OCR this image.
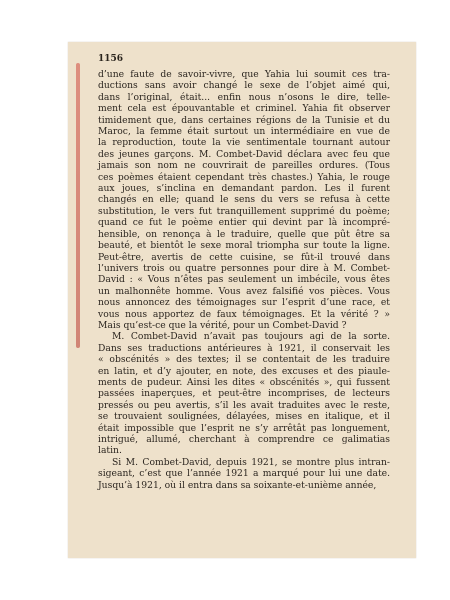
1156
d’une faute de savoir-vivre, que Yahia lui soumit ces tra-
ductions sans avoir changé le sexe de l’objet aimé qui,
dans l’original, était... enfin nous n’osons le dire, telle-
ment cela est épouvantable et criminel. Yahia fit observer
timidement que, dans certaines régions de la Tunisie et du
Maroc, la femme était surtout un intermédiaire en vue de
la reproduction, toute la vie sentimentale tournant autour
des jeunes garçons. M. Combet-David déclara avec feu que
jamais son nom ne couvrirait de pareilles ordures. (Tous
ces poèmes étaient cependant très chastes.) Yahia, le rouge
aux joues, s’inclina en demandant pardon. Les il furent
changés en elle; quand le sens du vers se refusa à cette
substitution, le vers fut tranquillement supprimé du poème;
quand ce fut le poème entier qui devint par là incompré-
hensible, on renonça à le traduire, quelle que pût être sa
beauté, et bientôt le sexe moral triompha sur toute la ligne.
Peut-être, avertis de cette cuisine, se fût-il trouvé dans
l’univers trois ou quatre personnes pour dire à M. Combet-
David : « Vous n’êtes pas seulement un imbécile, vous êtes
un malhonnête homme. Vous avez falsifié vos pièces. Vous
nous annoncez des témoignages sur l’esprit d’une race, et
vous nous apportez de faux témoignages. Et la vérité ? »
Mais qu’est-ce que la vérité, pour un Combet-David ?
M. Combet-David n’avait pas toujours agi de la sorte.
Dans ses traductions antérieures à 1921, il conservait les
« obscénités » des textes; il se contentait de les traduire
en latin, et d’y ajouter, en note, des excuses et des piaule-
ments de pudeur. Ainsi les dites « obscénités », qui fussent
passées inaperçues, et peut-être incomprises, de lecteurs
pressés ou peu avertis, s’il les avait traduites avec le reste,
se trouvaient soulignées, délayées, mises en italique, et il
était impossible que l’esprit ne s’y arrêtât pas longuement,
intrigué, allumé, cherchant à comprendre ce galimatias
latin.
Si M. Combet-David, depuis 1921, se montre plus intran-
sigeant, c’est que l’année 1921 a marqué pour lui une date.
Jusqu’à 1921, où il entra dans sa soixante-et-unième année,
